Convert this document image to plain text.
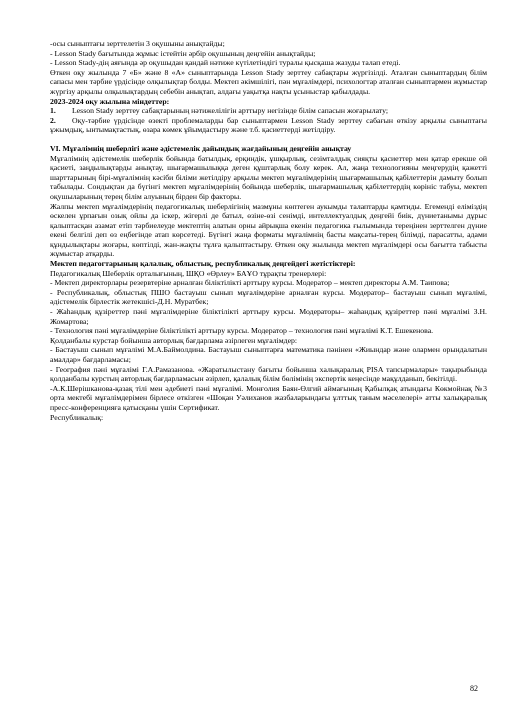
-осы сыныптағы зерттелетін 3 оқушыны анықтайды;

- Lesson Stady бағытында жұмыс істейтін әрбір оқушының деңгейін анықтайды;

- Lesson Stady-дің аяғында әр оқушыдан қандай нәтиже күтілетіндігі туралы қысқаша жазуды талап етеді.

Өткен оқу жылында 7 «Б» және 8 «А» сыныптарында Lesson Stady зерттеу сабақтары жүргізілді. Аталған сыныптардың білім сапасы мен тәрбие үрдісінде олқылықтар болды. Мектеп әкімшілігі, пән мұғалімдері, психологтар аталған сыныптармен жұмыстар жүргізу арқылы олқылықтардың себебін анықтап, алдағы уақытқа нақты ұсыныстар қабылдады.

2023-2024 оқу жылына міндеттер:

1. Lesson Stady зерттеу сабақтарының нәтижелілігін арттыру негізінде білім сапасын жоғарылату;

2. Оқу-тәрбие үрдісінде өзекті проблемаларды бар сыныптармен Lesson Stady зерттеу сабағын өткізу арқылы сыныптағы ұжымдық, ынтымақтастық, өзара көмек ұйымдастыру және т.б. қасиеттерді жетілдіру.

VI. Мұғалімнің шеберлігі және әдістемелік дайындық жағдайының деңгейін анықтау

Мұғалімнің әдістемелік шеберлік бойында батылдық, ерқиндік, ұшқырлық, сезімталдық сияқты қасиеттер мен қатар ерекше ой қасиеті, заңдылықтарды анықтау, шығармашылыққа деген құштарлық болу керек. Ал, жаңа технологияны меңгерудің қажетті шарттарының бірі-мұғалімнің кәсіби біліми жетілдіру арқылы мектеп мұғалімдерінің шығармашылық қабілеттерін дамыту болып табылады. Сондықтан да бүгінгі мектеп мұғалімдерінің бойында шеберлік, шығармашылық қабілеттердің көрініс табуы, мектеп оқушыларының терең білім алуының бірден бір факторы.

Жалпы мектеп мұғалімдерінің педагогикалық шеберлігінің мазмұны көптеген аукымды талаптарды қамтиды. Егемендi елiмiздiң өскелен ұрпағын озық ойлы да icкер, жiгерлi де батыл, өзіне-өзі сенімді, интеллектуалдық деңгейі биік, дүниетанымы дұрыс қалыптасқан азамат етіп тәрбиелеуде мектептің алатын орны айрықша екенін педагогика ғылымында тереңінен зерттелген дүние екені белгілі деп өз еңбегінде атап көрсетеді. Бүгінгі жаңа форматы мұғалімнің басты мақсаты-терең білімді, парасатты, адами құндылықтары жоғары, көптілді, жан-жақты тұлға қалыптастыру. Өткен оқу жылында мектеп мұғалімдері осы бағытта табысты жұмыстар атқарды.

Мектеп педагогтарының қалалық, облыстық, республикалық деңгейдегі жетістіктері:

Педагогикалық Шеберлік орталығының, ШҚО «Өрлеу» БАҰО тұрақты тренерлері:

- Мектеп директорлары резервтеріне арналған біліктілікті арттыру курсы. Модератор – мектеп директоры А.М. Таипова;

- Республикалық, облыстық ПШО бастауыш сынып мұғалімдеріне арналған курсы. Модератор– бастауыш сынып мұғалімі, әдістемелік бірлестік жетекшісі-Д.Н. Муратбек;

- Жаһандық құзіреттер пәні мұғалімдеріне біліктілікті арттыру курсы. Модераторы– жаһандық құзіреттер пәні мұғалімі З.Н. Жомартова;

- Технология пәні мұғалімдеріне біліктілікті арттыру курсы. Модератор – технология пәні мұғалімі К.Т. Ешекенова.

Қолданбалы курстар бойынша авторлық бағдарлама әзірлеген мұғалімдер:

- Бастауыш сынып мұғалімі М.А.Баймолдина. Бастауыш сыныптарға математика пәнінен «Жиындар және олармен орындалатын амалдар» бағдарламасы;

- География пәні мұғалімі Г.А.Рамазанова. «Жаратылыстану бағыты бойынша халықаралық PISA тапсырмалары» тақырыбында қолданбалы курстың авторлық бағдарламасын әзірлеп, қалалық білім бөлімінің экспертік кеңесінде мақұлданып, бекітілді.

-А.К.Шерішканова-қазақ тілі мен әдебиеті пәні мұғалімі. Монғолия Баян-Өлгий аймағының Қабылқақ атындағы Көкмойнақ №3 орта мектебі мұғалімдерімен бірлесе өткізген «Шоқан Уәлиханов жазбаларындағы ұлттық таным мәселелері» атты халықаралық пресс-конференцияға қатысқаны үшін Сертификат.

Республикалық:

82
